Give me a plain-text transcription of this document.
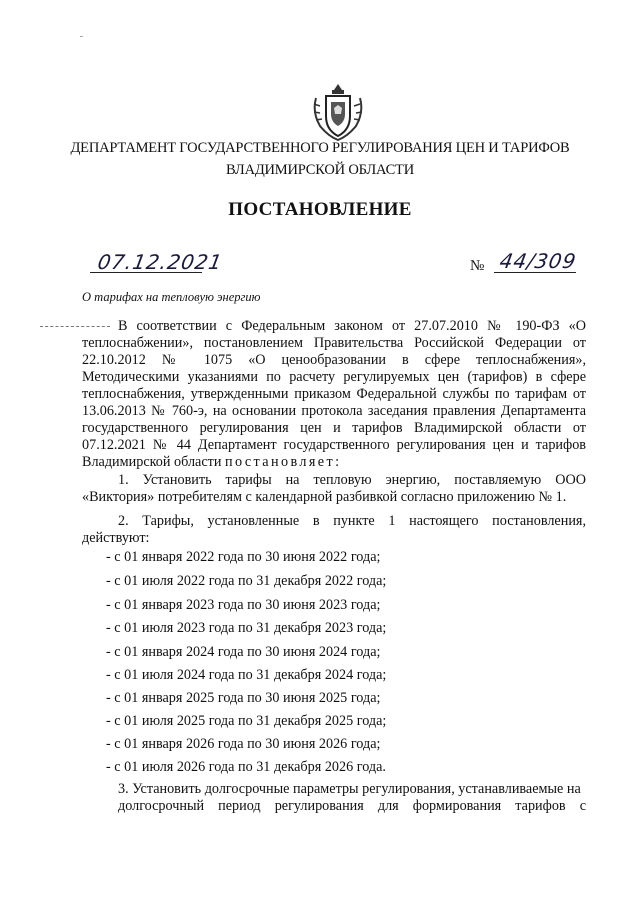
ДЕПАРТАМЕНТ ГОСУДАРСТВЕННОГО РЕГУЛИРОВАНИЯ ЦЕН И ТАРИФОВ
ВЛАДИМИРСКОЙ ОБЛАСТИ
ПОСТАНОВЛЕНИЕ
07.12.2021	№ 44/309
О тарифах на тепловую энергию
В соответствии с Федеральным законом от 27.07.2010 № 190-ФЗ «О теплоснабжении», постановлением Правительства Российской Федерации от 22.10.2012 № 1075 «О ценообразовании в сфере теплоснабжения», Методическими указаниями по расчету регулируемых цен (тарифов) в сфере теплоснабжения, утвержденными приказом Федеральной службы по тарифам от 13.06.2013 № 760-э, на основании протокола заседания правления Департамента государственного регулирования цен и тарифов Владимирской области от 07.12.2021 № 44 Департамент государственного регулирования цен и тарифов Владимирской области постановляет:
1. Установить тарифы на тепловую энергию, поставляемую ООО «Виктория» потребителям с календарной разбивкой согласно приложению № 1.
2. Тарифы, установленные в пункте 1 настоящего постановления, действуют:
- с 01 января 2022 года по 30 июня 2022 года;
- с 01 июля 2022 года по 31 декабря 2022 года;
- с 01 января 2023 года по 30 июня 2023 года;
- с 01 июля 2023 года по 31 декабря 2023 года;
- с 01 января 2024 года по 30 июня 2024 года;
- с 01 июля 2024 года по 31 декабря 2024 года;
- с 01 января 2025 года по 30 июня 2025 года;
- с 01 июля 2025 года по 31 декабря 2025 года;
- с 01 января 2026 года по 30 июня 2026 года;
- с 01 июля 2026 года по 31 декабря 2026 года.
3. Установить долгосрочные параметры регулирования, устанавливаемые на
долгосрочный период регулирования для формирования тарифов с
